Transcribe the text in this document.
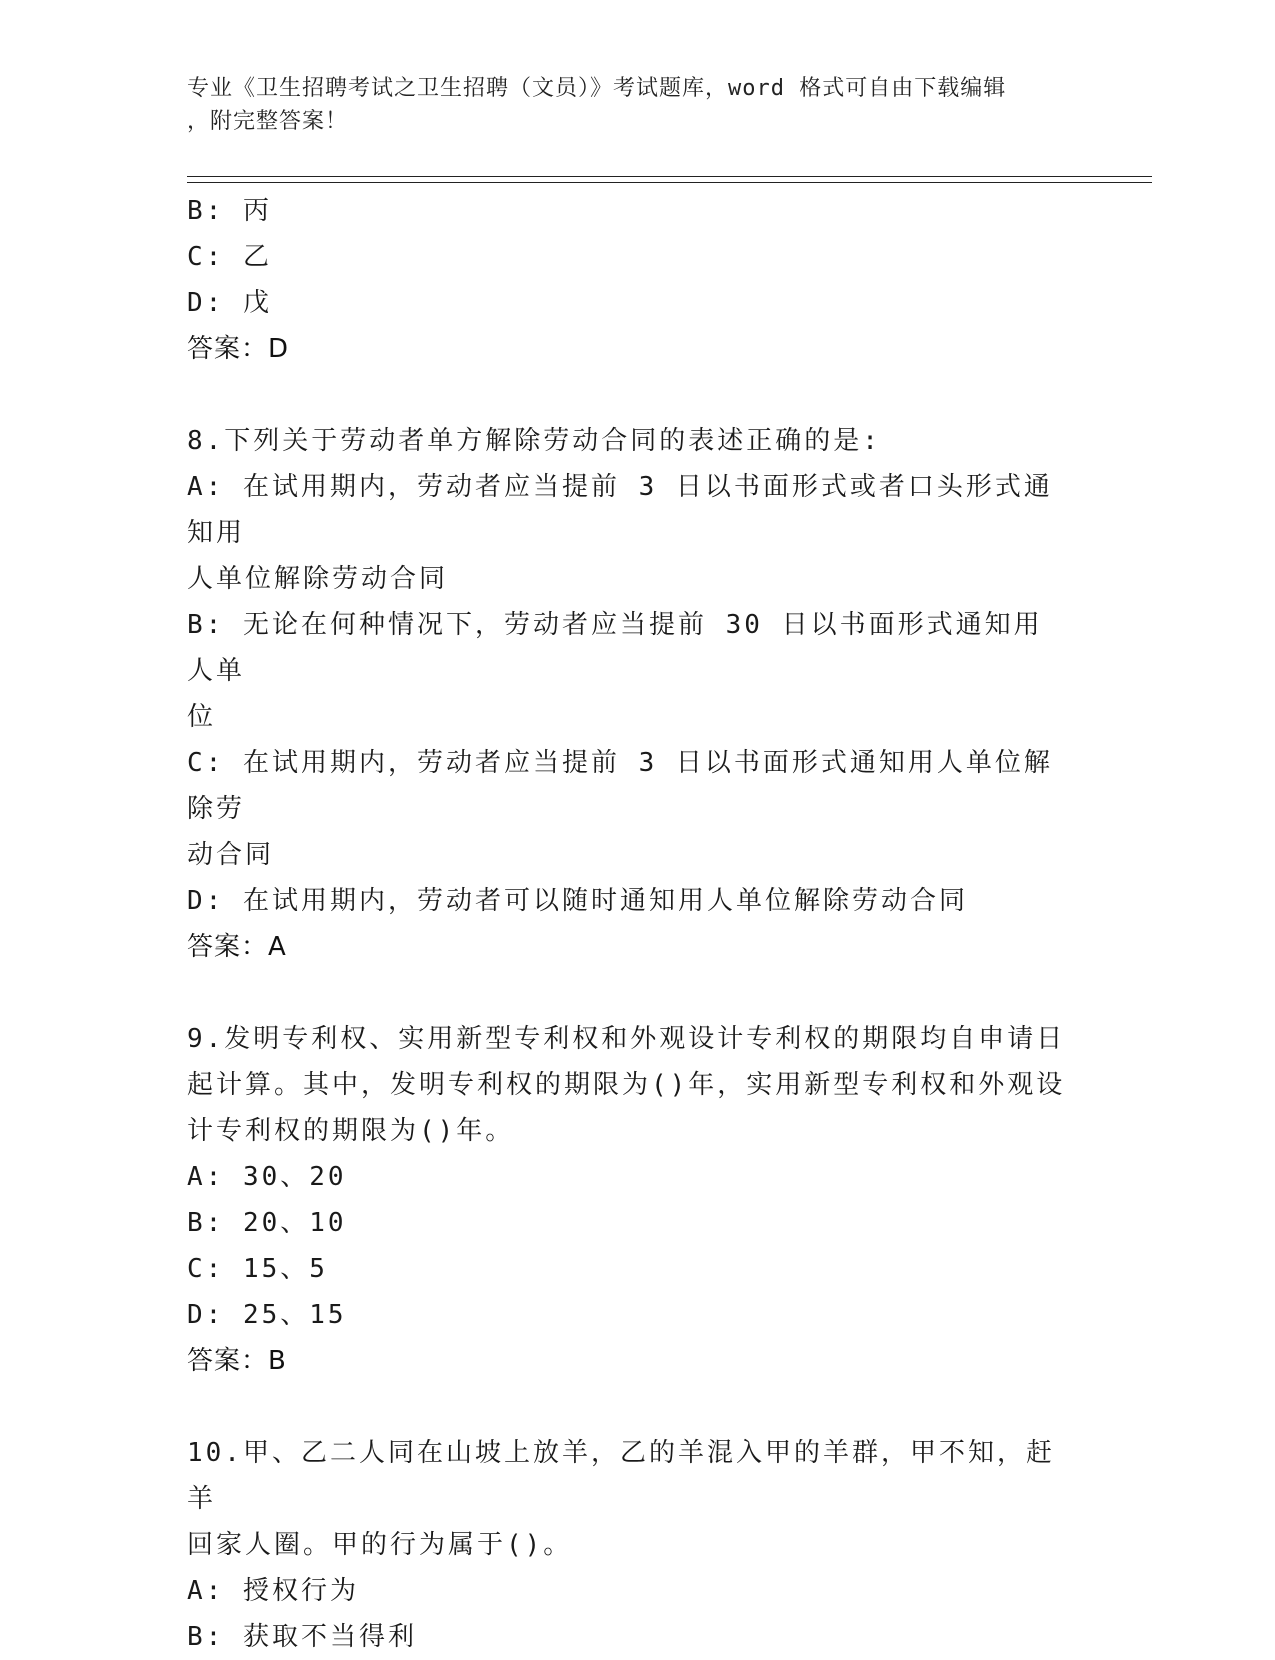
专业《卫生招聘考试之卫生招聘（文员）》考试题库，word 格式可自由下载编辑
，附完整答案！
B: 丙
C: 乙
D: 戊
答案：D
8.下列关于劳动者单方解除劳动合同的表述正确的是:
A: 在试用期内，劳动者应当提前 3 日以书面形式或者口头形式通知用
人单位解除劳动合同
B: 无论在何种情况下，劳动者应当提前 30 日以书面形式通知用人单
位
C: 在试用期内，劳动者应当提前 3 日以书面形式通知用人单位解除劳
动合同
D: 在试用期内，劳动者可以随时通知用人单位解除劳动合同
答案：A
9.发明专利权、实用新型专利权和外观设计专利权的期限均自申请日
起计算。其中，发明专利权的期限为()年，实用新型专利权和外观设
计专利权的期限为()年。
A: 30、20
B: 20、10
C: 15、5
D: 25、15
答案：B
10.甲、乙二人同在山坡上放羊，乙的羊混入甲的羊群，甲不知，赶羊
回家人圈。甲的行为属于()。
A: 授权行为
B: 获取不当得利
